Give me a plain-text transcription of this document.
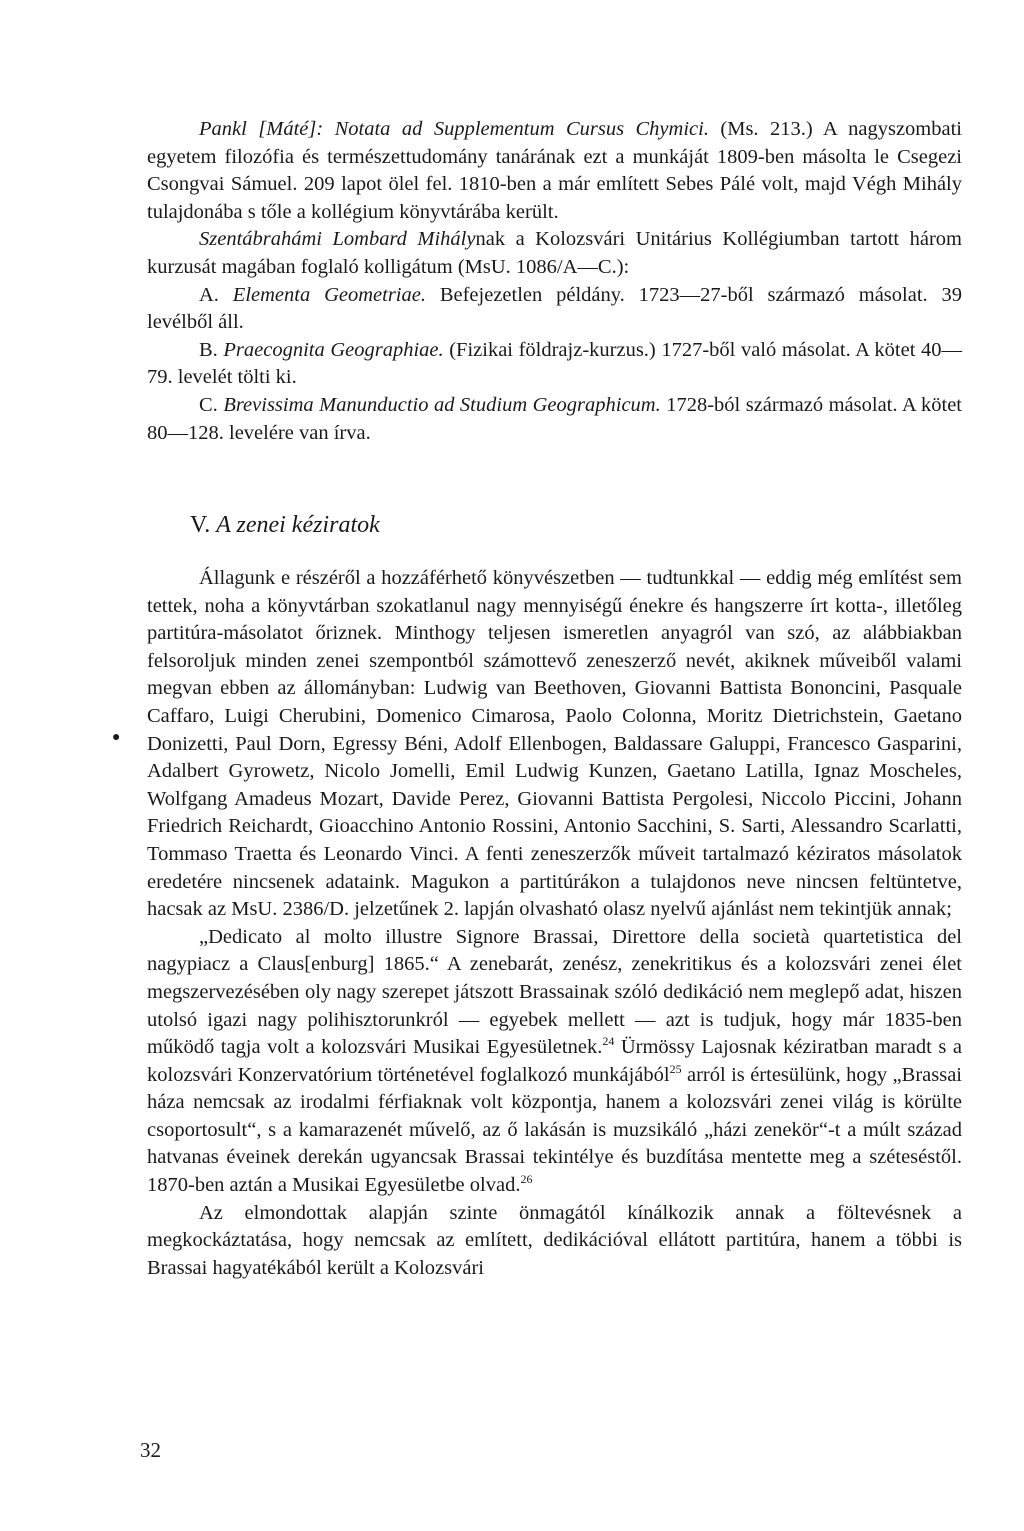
Pankl [Máté]: Notata ad Supplementum Cursus Chymici. (Ms. 213.) A nagyszombati egyetem filozófia és természettudomány tanárának ezt a munkáját 1809-ben másolta le Csegezi Csongvai Sámuel. 209 lapot ölel fel. 1810-ben a már említett Sebes Pálé volt, majd Végh Mihály tulajdonába s tőle a kollégium könyvtárába került.

Szentábrahámi Lombard Mihálynak a Kolozsvári Unitárius Kollégiumban tartott három kurzusát magában foglaló kolligátum (MsU. 1086/A—C.):

A. Elementa Geometriae. Befejezetlen példány. 1723—27-ből származó másolat. 39 levélből áll.

B. Praecognita Geographiae. (Fizikai földrajz-kurzus.) 1727-ből való másolat. A kötet 40—79. levelét tölti ki.

C. Brevissima Manunductio ad Studium Geographicum. 1728-ból származó másolat. A kötet 80—128. levelére van írva.

V. A zenei kéziratok

Állagunk e részéről a hozzáférhető könyvészetben — tudtunkkal — eddig még említést sem tettek, noha a könyvtárban szokatlanul nagy mennyiségű énekre és hangszerre írt kotta-, illetőleg partitúra-másolatot őriznek. Minthogy teljesen ismeretlen anyagról van szó, az alábbiakban felsoroljuk minden zenei szempontból számottevő zeneszerző nevét, akiknek műveiből valami megvan ebben az állományban: Ludwig van Beethoven, Giovanni Battista Bononcini, Pasquale Caffaro, Luigi Cherubini, Domenico Cimarosa, Paolo Colonna, Moritz Dietrichstein, Gaetano Donizetti, Paul Dorn, Egressy Béni, Adolf Ellenbogen, Baldassare Galuppi, Francesco Gasparini, Adalbert Gyrowetz, Nicolo Jomelli, Emil Ludwig Kunzen, Gaetano Latilla, Ignaz Moscheles, Wolfgang Amadeus Mozart, Davide Perez, Giovanni Battista Pergolesi, Niccolo Piccini, Johann Friedrich Reichardt, Gioacchino Antonio Rossini, Antonio Sacchini, S. Sarti, Alessandro Scarlatti, Tommaso Traetta és Leonardo Vinci. A fenti zeneszerzők műveit tartalmazó kéziratos másolatok eredetére nincsenek adataink. Magukon a partitúrákon a tulajdonos neve nincsen feltüntetve, hacsak az MsU. 2386/D. jelzetűnek 2. lapján olvasható olasz nyelvű ajánlást nem tekintjük annak;

„Dedicato al molto illustre Signore Brassai, Direttore della società quartetistica del nagypiacz a Claus[enburg] 1865.“ A zenebarát, zenész, zenekritikus és a kolozsvári zenei élet megszervezésében oly nagy szerepet játszott Brassainak szóló dedikáció nem meglepő adat, hiszen utolsó igazi nagy polihisztorunkról — egyebek mellett — azt is tudjuk, hogy már 1835-ben működő tagja volt a kolozsvári Musikai Egyesületnek.$^{24}$ Ürmössy Lajosnak kéziratban maradt s a kolozsvári Konzervatórium történetével foglalkozó munkájából$^{25}$ arról is értesülünk, hogy „Brassai háza nemcsak az irodalmi férfiaknak volt központja, hanem a kolozsvári zenei világ is körülte csoportosult“, s a kamarazenét művelő, az ő lakásán is muzsikáló „házi zenekör“-t a múlt század hatvanas éveinek derekán ugyancsak Brassai tekintélye és buzdítása mentette meg a széteséstől. 1870-ben aztán a Musikai Egyesületbe olvad.$^{26}$

Az elmondottak alapján szinte önmagától kínálkozik annak a föltevésnek a megkockáztatása, hogy nemcsak az említett, dedikációval ellátott partitúra, hanem a többi is Brassai hagyatékából került a Kolozsvári

●
32
